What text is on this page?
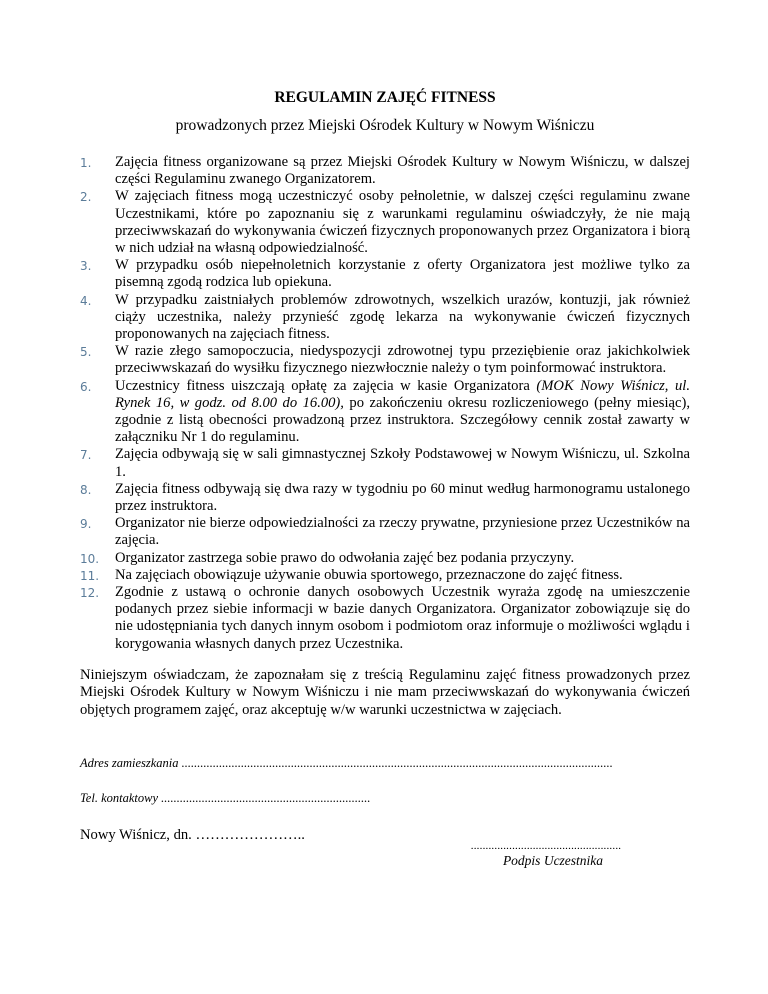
REGULAMIN ZAJĘĆ FITNESS
prowadzonych przez Miejski Ośrodek Kultury w Nowym Wiśniczu
1.	Zajęcia fitness organizowane są przez Miejski Ośrodek Kultury w Nowym Wiśniczu, w dalszej części Regulaminu zwanego Organizatorem.
2.	W zajęciach fitness mogą uczestniczyć osoby pełnoletnie, w dalszej części regulaminu zwane Uczestnikami, które po zapoznaniu się z warunkami regulaminu oświadczyły, że nie mają przeciwwskazań do wykonywania ćwiczeń fizycznych proponowanych przez Organizatora i biorą w nich udział na własną odpowiedzialność.
3.	W przypadku osób niepełnoletnich korzystanie z oferty Organizatora jest możliwe tylko za pisemną zgodą rodzica lub opiekuna.
4.	W przypadku zaistniałych problemów zdrowotnych, wszelkich urazów, kontuzji, jak również ciąży uczestnika, należy przynieść zgodę lekarza na wykonywanie ćwiczeń fizycznych proponowanych na zajęciach fitness.
5.	W razie złego samopoczucia, niedyspozycji zdrowotnej typu przeziębienie oraz jakichkolwiek przeciwwskazań do wysiłku fizycznego niezwłocznie należy o tym poinformować instruktora.
6.	Uczestnicy fitness uiszczają opłatę za zajęcia w kasie Organizatora (MOK Nowy Wiśnicz, ul. Rynek 16, w godz. od 8.00 do 16.00), po zakończeniu okresu rozliczeniowego (pełny miesiąc), zgodnie z listą obecności prowadzoną przez instruktora. Szczegółowy cennik został zawarty w załączniku Nr 1 do regulaminu.
7.	Zajęcia odbywają się w sali gimnastycznej Szkoły Podstawowej w Nowym Wiśniczu, ul. Szkolna 1.
8.	Zajęcia fitness odbywają się dwa razy w tygodniu po 60 minut według harmonogramu ustalonego przez instruktora.
9.	Organizator nie bierze odpowiedzialności za rzeczy prywatne, przyniesione przez Uczestników na zajęcia.
10.	Organizator zastrzega sobie prawo do odwołania zajęć bez podania przyczyny.
11.	Na zajęciach obowiązuje używanie obuwia sportowego, przeznaczone do zajęć fitness.
12.	Zgodnie z ustawą o ochronie danych osobowych Uczestnik wyraża zgodę na umieszczenie podanych przez siebie informacji w bazie danych Organizatora. Organizator zobowiązuje się do nie udostępniania tych danych innym osobom i podmiotom oraz informuje o możliwości wglądu i korygowania własnych danych przez Uczestnika.
Niniejszym oświadczam, że zapoznałam się z treścią Regulaminu zajęć fitness prowadzonych przez Miejski Ośrodek Kultury w Nowym Wiśniczu i nie mam przeciwwskazań do wykonywania ćwiczeń objętych programem zajęć, oraz akceptuję w/w warunki uczestnictwa w zajęciach.
Adres zamieszkania ..........................................................................................................................................
Tel. kontaktowy ...................................................................
Nowy Wiśnicz, dn. …………………..
...................................................
Podpis Uczestnika
